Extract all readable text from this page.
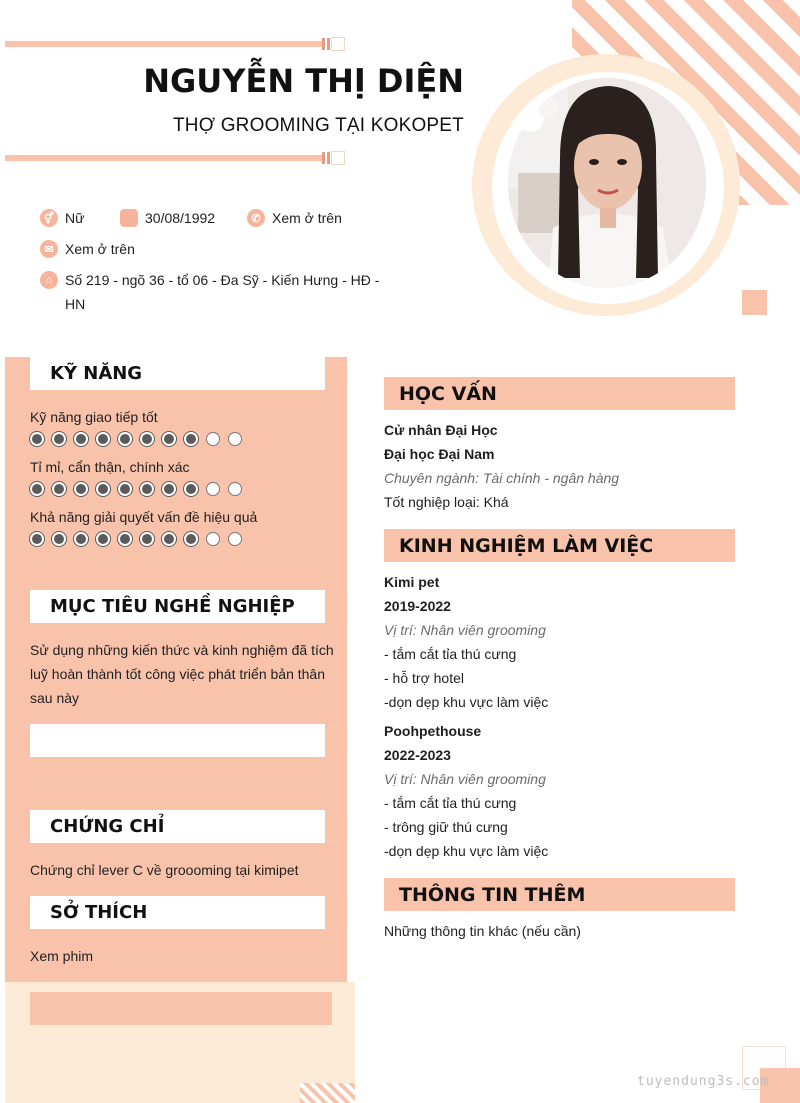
NGUYỄN THỊ DIỆN
THỢ GROOMING TẠI KOKOPET
⚥ Nữ	30/08/1992	✆ Xem ở trên
✉ Xem ở trên
⌂ Số 219 - ngõ 36 - tổ 06 - Đa Sỹ - Kiến Hưng - HĐ -
HN
KỸ NĂNG
Kỹ năng giao tiếp tốt
Tỉ mỉ, cẩn thận, chính xác
Khả năng giải quyết vấn đề hiệu quả
MỤC TIÊU NGHỀ NGHIỆP
Sử dụng những kiến thức và kinh nghiệm đã tích
luỹ hoàn thành tốt công việc phát triển bản thân
sau này
CHỨNG CHỈ
Chứng chỉ lever C về groooming tại kimipet
SỞ THÍCH
Xem phim
HỌC VẤN
Cử nhân Đại Học
Đại học Đại Nam
Chuyên ngành: Tài chính - ngân hàng
Tốt nghiệp loại: Khá
KINH NGHIỆM LÀM VIỆC
Kimi pet
2019-2022
Vị trí: Nhân viên grooming
- tắm cắt tỉa thú cưng
- hỗ trợ hotel
-dọn dẹp khu vực làm việc
Poohpethouse
2022-2023
Vị trí: Nhân viên grooming
- tắm cắt tỉa thú cưng
- trông giữ thú cưng
-dọn dẹp khu vực làm việc
THÔNG TIN THÊM
Những thông tin khác (nếu cần)
tuyendung3s.com
